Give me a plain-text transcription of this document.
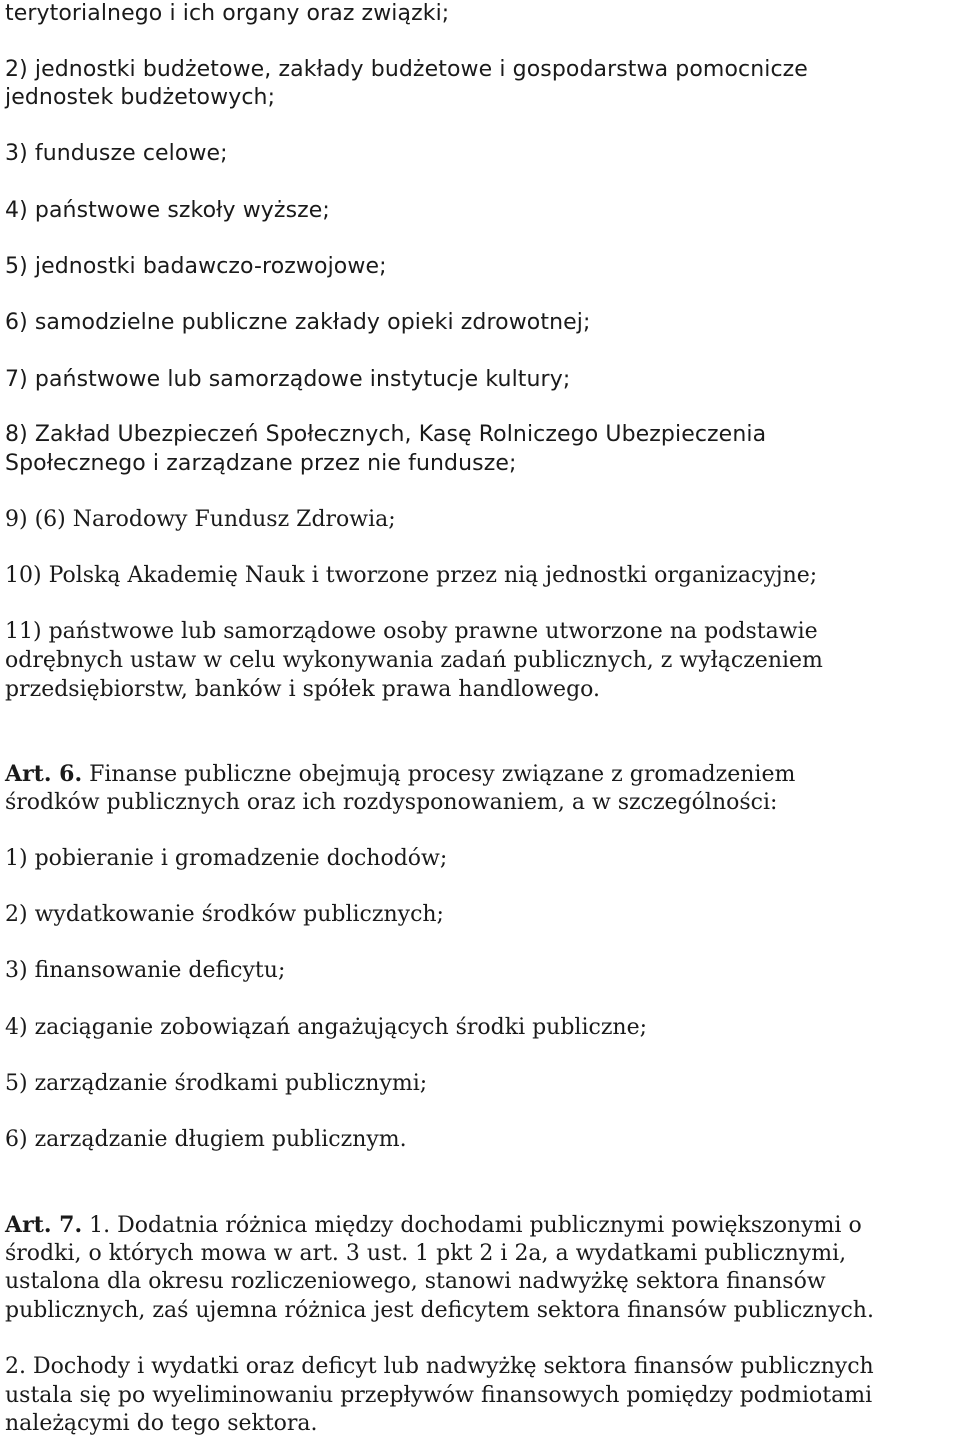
terytorialnego i ich organy oraz związki;

2) jednostki budżetowe, zakłady budżetowe i gospodarstwa pomocnicze

jednostek budżetowych;

3) fundusze celowe;

4) państwowe szkoły wyższe;

5) jednostki badawczo-rozwojowe;

6) samodzielne publiczne zakłady opieki zdrowotnej;

7) państwowe lub samorządowe instytucje kultury;

8) Zakład Ubezpieczeń Społecznych, Kasę Rolniczego Ubezpieczenia

Społecznego i zarządzane przez nie fundusze;

9) (6) Narodowy Fundusz Zdrowia;

10) Polską Akademię Nauk i tworzone przez nią jednostki organizacyjne;

11) państwowe lub samorządowe osoby prawne utworzone na podstawie

odrębnych ustaw w celu wykonywania zadań publicznych, z wyłączeniem

przedsiębiorstw, banków i spółek prawa handlowego.

Art. 6. Finanse publiczne obejmują procesy związane z gromadzeniem

środków publicznych oraz ich rozdysponowaniem, a w szczególności:

1) pobieranie i gromadzenie dochodów;

2) wydatkowanie środków publicznych;

3) finansowanie deficytu;

4) zaciąganie zobowiązań angażujących środki publiczne;

5) zarządzanie środkami publicznymi;

6) zarządzanie długiem publicznym.

Art. 7. 1. Dodatnia różnica między dochodami publicznymi powiększonymi o

środki, o których mowa w art. 3 ust. 1 pkt 2 i 2a, a wydatkami publicznymi,

ustalona dla okresu rozliczeniowego, stanowi nadwyżkę sektora finansów

publicznych, zaś ujemna różnica jest deficytem sektora finansów publicznych.

2. Dochody i wydatki oraz deficyt lub nadwyżkę sektora finansów publicznych

ustala się po wyeliminowaniu przepływów finansowych pomiędzy podmiotami

należącymi do tego sektora.
